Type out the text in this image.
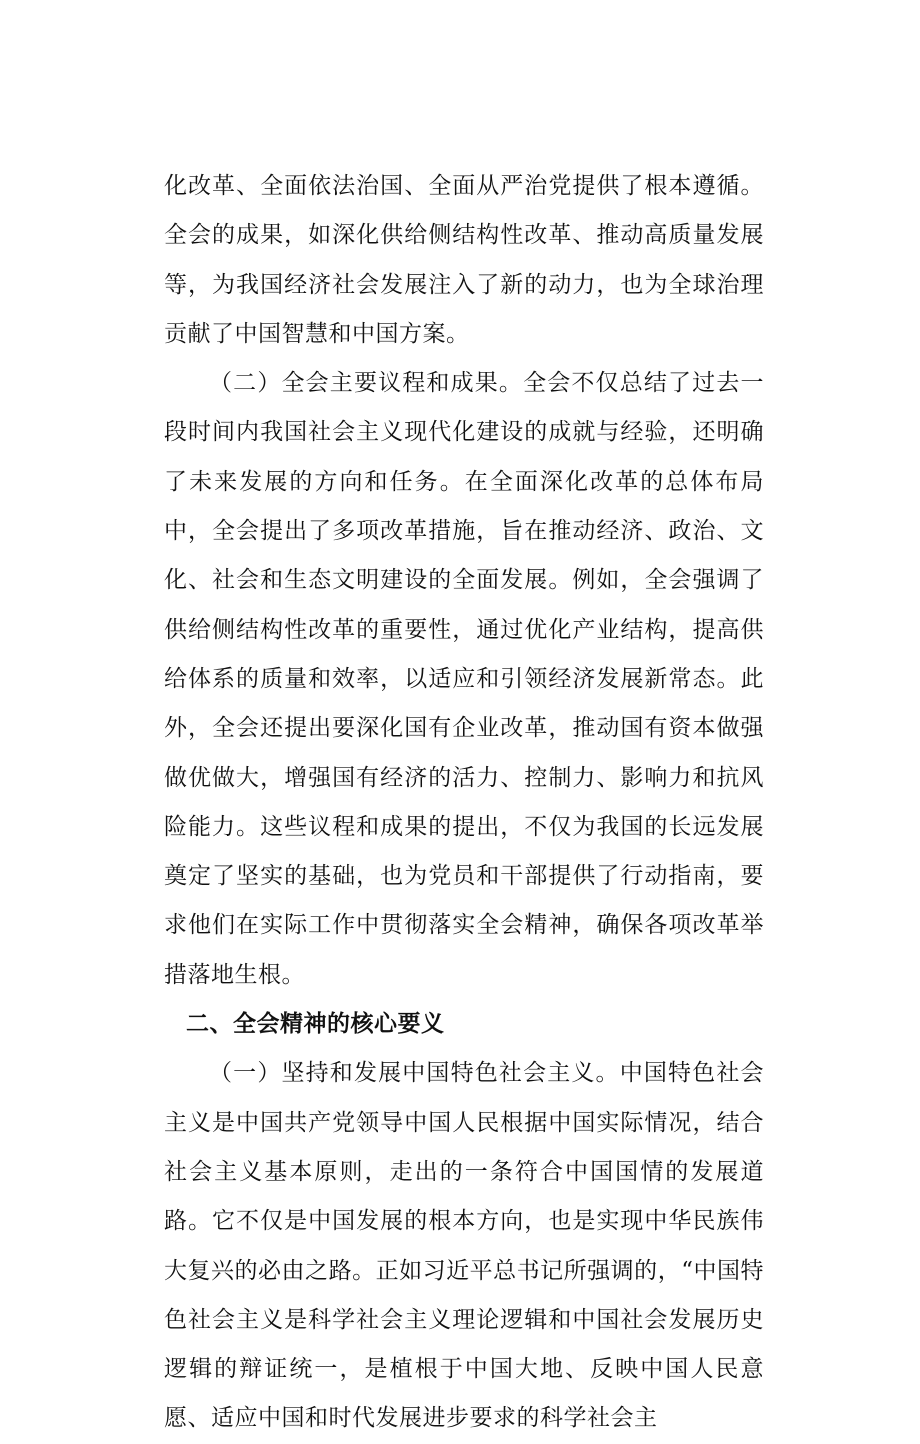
化改革、全面依法治国、全面从严治党提供了根本遵循。全会的成果，如深化供给侧结构性改革、推动高质量发展等，为我国经济社会发展注入了新的动力，也为全球治理贡献了中国智慧和中国方案。

（二）全会主要议程和成果。全会不仅总结了过去一段时间内我国社会主义现代化建设的成就与经验，还明确了未来发展的方向和任务。在全面深化改革的总体布局中，全会提出了多项改革措施，旨在推动经济、政治、文化、社会和生态文明建设的全面发展。例如，全会强调了供给侧结构性改革的重要性，通过优化产业结构，提高供给体系的质量和效率，以适应和引领经济发展新常态。此外，全会还提出要深化国有企业改革，推动国有资本做强做优做大，增强国有经济的活力、控制力、影响力和抗风险能力。这些议程和成果的提出，不仅为我国的长远发展奠定了坚实的基础，也为党员和干部提供了行动指南，要求他们在实际工作中贯彻落实全会精神，确保各项改革举措落地生根。

二、全会精神的核心要义

（一）坚持和发展中国特色社会主义。中国特色社会主义是中国共产党领导中国人民根据中国实际情况，结合社会主义基本原则，走出的一条符合中国国情的发展道路。它不仅是中国发展的根本方向，也是实现中华民族伟大复兴的必由之路。正如习近平总书记所强调的，“中国特色社会主义是科学社会主义理论逻辑和中国社会发展历史逻辑的辩证统一，是植根于中国大地、反映中国人民意愿、适应中国和时代发展进步要求的科学社会主
